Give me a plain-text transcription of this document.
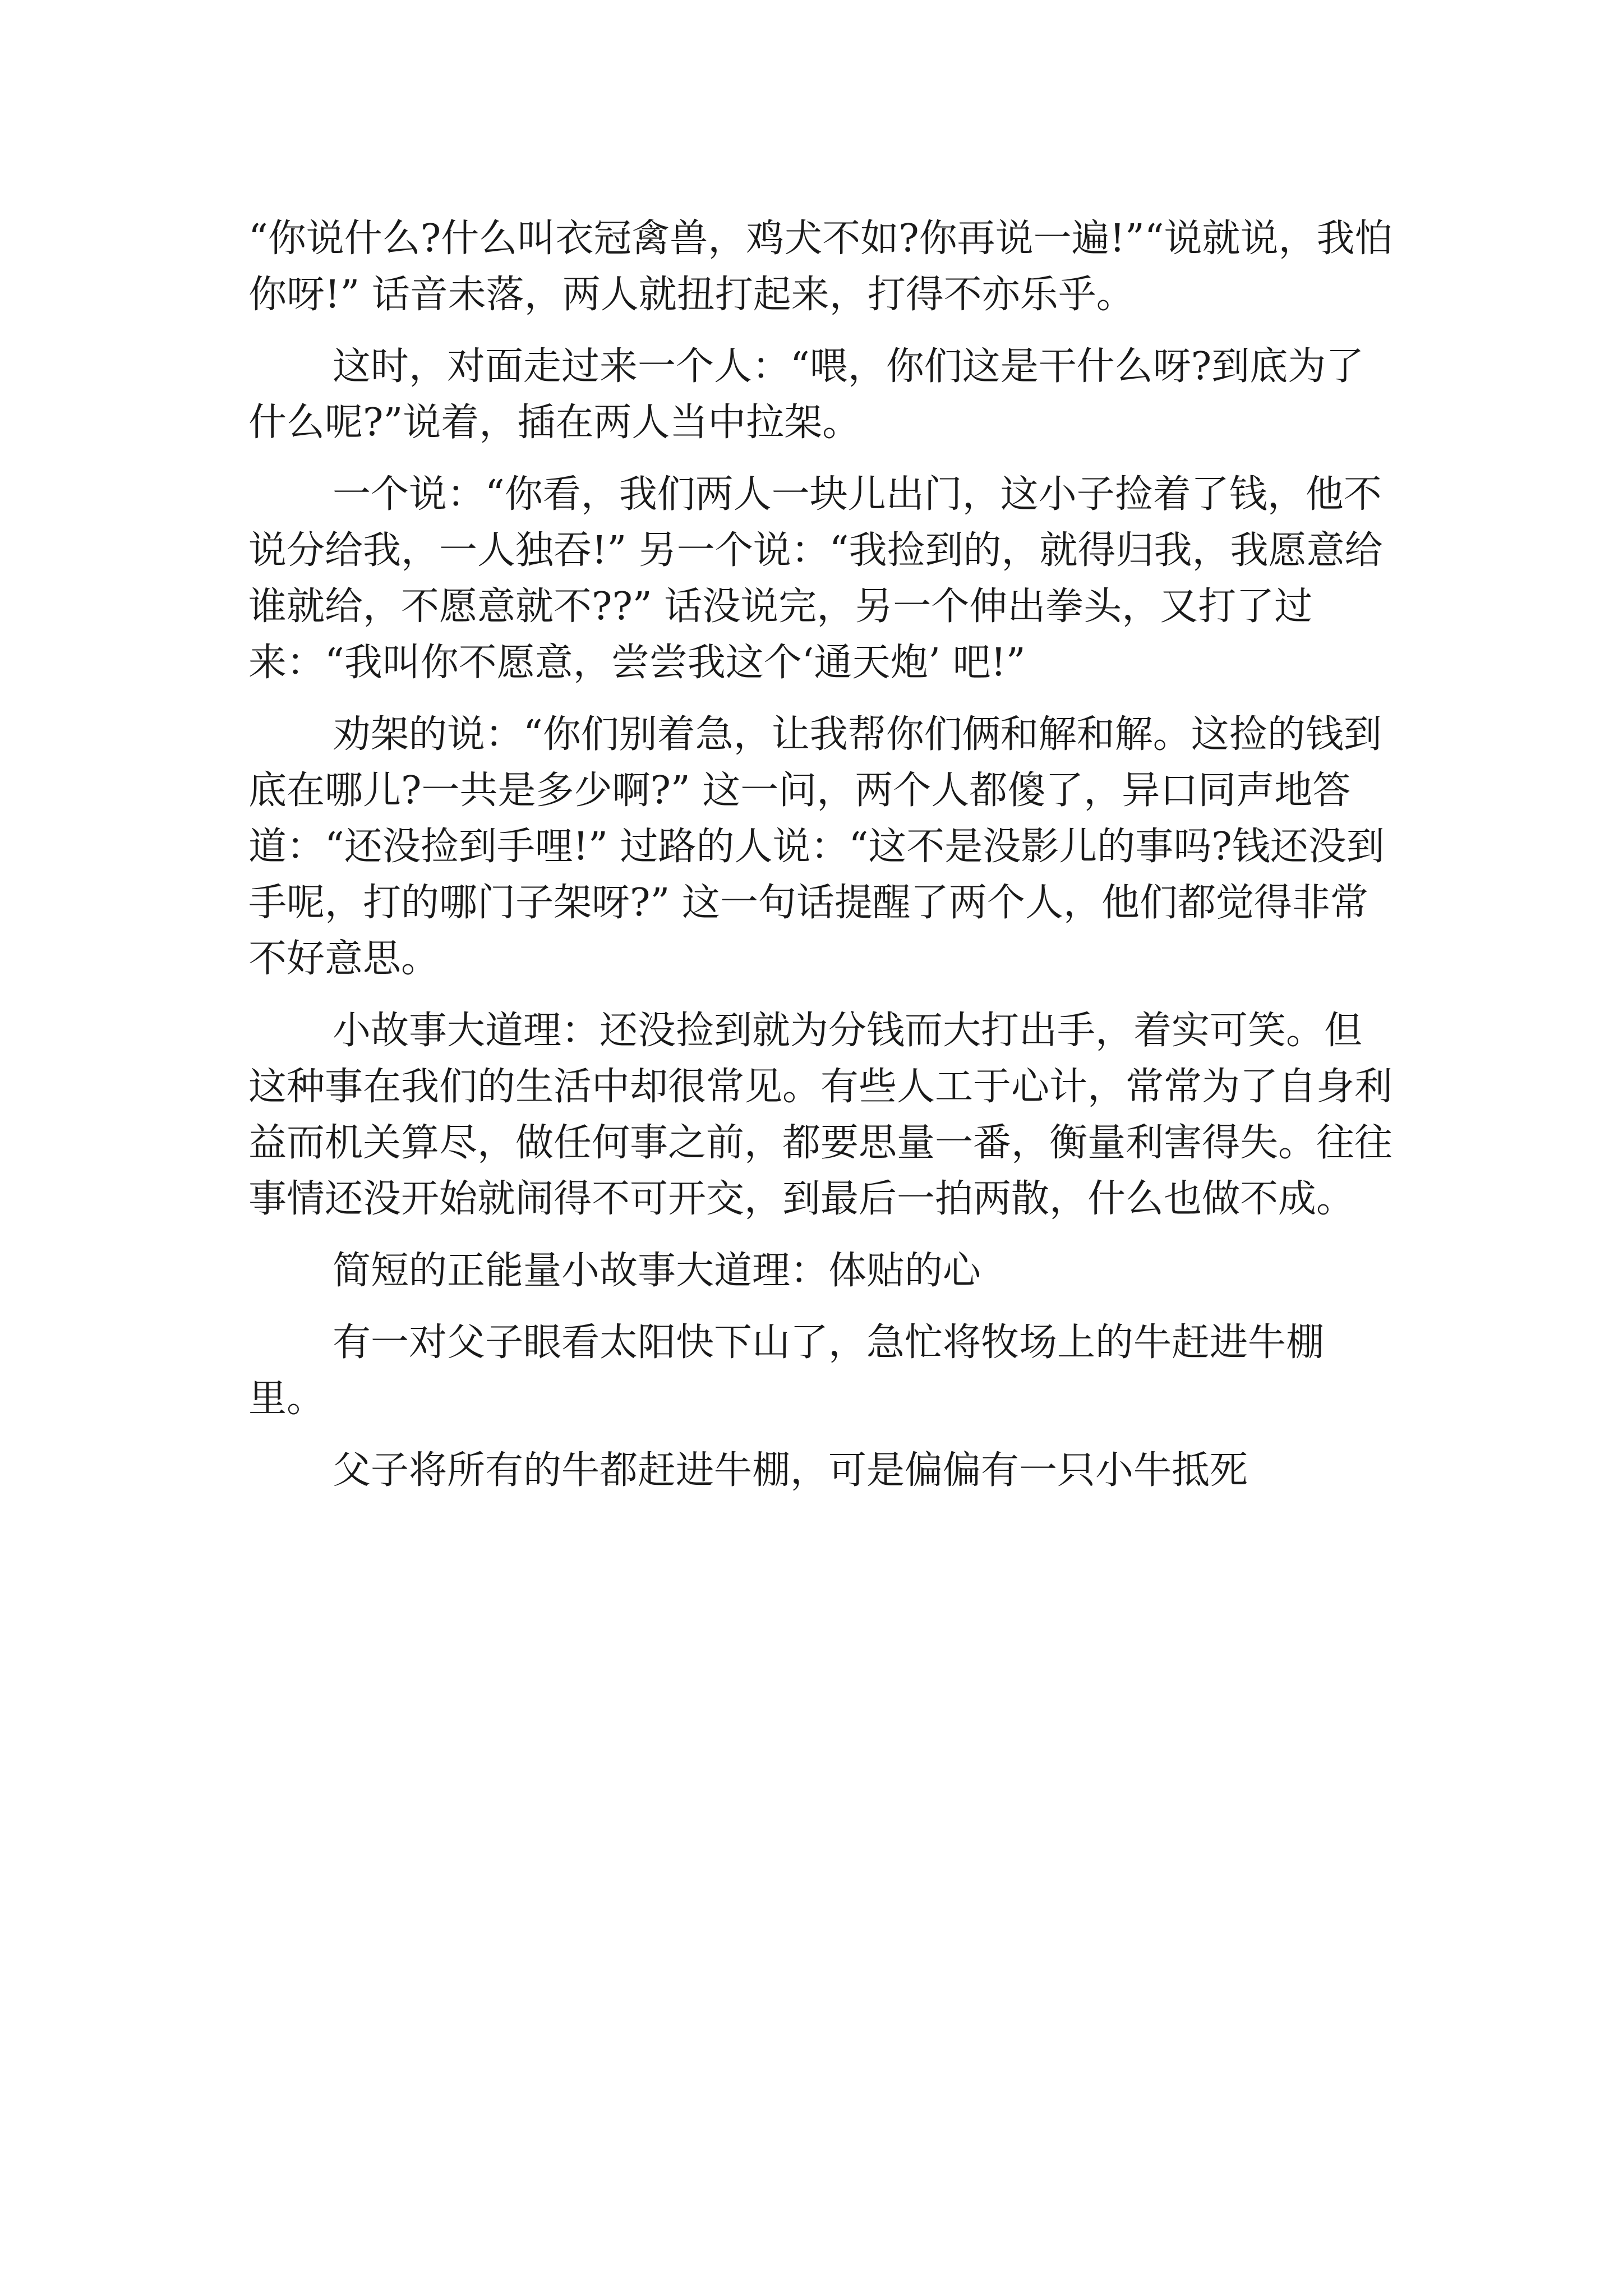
“你说什么?什么叫衣冠禽兽，鸡犬不如?你再说一遍!”“说就说，我怕你呀!” 话音未落，两人就扭打起来，打得不亦乐乎。

这时，对面走过来一个人：“喂，你们这是干什么呀?到底为了什么呢?”说着，插在两人当中拉架。

一个说：“你看，我们两人一块儿出门，这小子捡着了钱，他不说分给我，一人独吞!” 另一个说：“我捡到的，就得归我，我愿意给谁就给，不愿意就不??” 话没说完，另一个伸出拳头，又打了过来：“我叫你不愿意，尝尝我这个‘通天炮’ 吧!”

劝架的说：“你们别着急，让我帮你们俩和解和解。这捡的钱到底在哪儿?一共是多少啊?” 这一问，两个人都傻了，异口同声地答道：“还没捡到手哩!” 过路的人说：“这不是没影儿的事吗?钱还没到手呢，打的哪门子架呀?” 这一句话提醒了两个人，他们都觉得非常不好意思。

小故事大道理：还没捡到就为分钱而大打出手，着实可笑。但这种事在我们的生活中却很常见。有些人工于心计，常常为了自身利益而机关算尽，做任何事之前，都要思量一番，衡量利害得失。往往事情还没开始就闹得不可开交，到最后一拍两散，什么也做不成。

简短的正能量小故事大道理：体贴的心

有一对父子眼看太阳快下山了，急忙将牧场上的牛赶进牛棚里。

父子将所有的牛都赶进牛棚，可是偏偏有一只小牛抵死
